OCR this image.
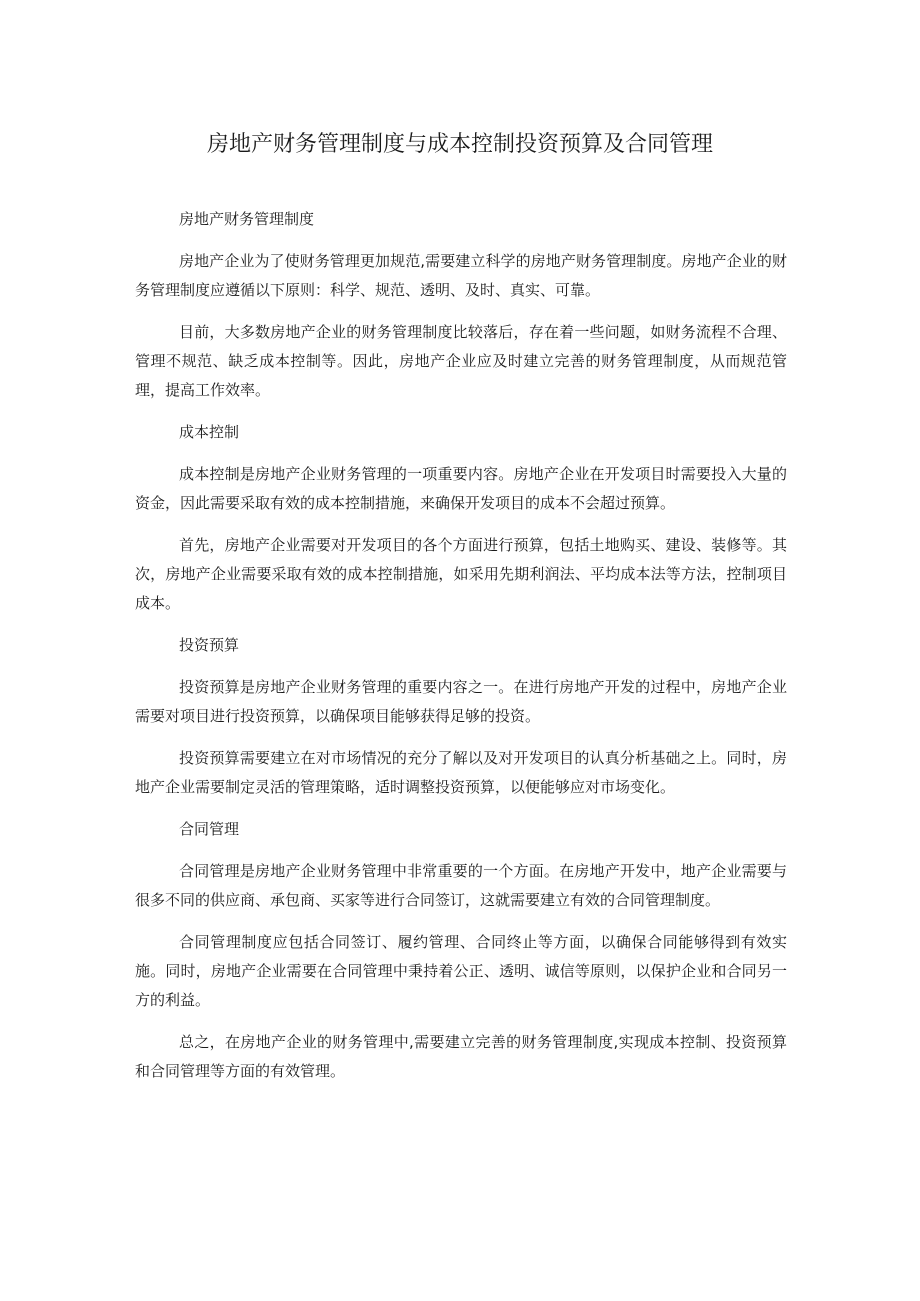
房地产财务管理制度与成本控制投资预算及合同管理
房地产财务管理制度

房地产企业为了使财务管理更加规范,需要建立科学的房地产财务管理制度。房地产企业的财务管理制度应遵循以下原则：科学、规范、透明、及时、真实、可靠。

目前，大多数房地产企业的财务管理制度比较落后，存在着一些问题，如财务流程不合理、管理不规范、缺乏成本控制等。因此，房地产企业应及时建立完善的财务管理制度，从而规范管理，提高工作效率。

成本控制

成本控制是房地产企业财务管理的一项重要内容。房地产企业在开发项目时需要投入大量的资金，因此需要采取有效的成本控制措施，来确保开发项目的成本不会超过预算。

首先，房地产企业需要对开发项目的各个方面进行预算，包括土地购买、建设、装修等。其次，房地产企业需要采取有效的成本控制措施，如采用先期利润法、平均成本法等方法，控制项目成本。

投资预算

投资预算是房地产企业财务管理的重要内容之一。在进行房地产开发的过程中，房地产企业需要对项目进行投资预算，以确保项目能够获得足够的投资。

投资预算需要建立在对市场情况的充分了解以及对开发项目的认真分析基础之上。同时，房地产企业需要制定灵活的管理策略，适时调整投资预算，以便能够应对市场变化。

合同管理

合同管理是房地产企业财务管理中非常重要的一个方面。在房地产开发中，地产企业需要与很多不同的供应商、承包商、买家等进行合同签订，这就需要建立有效的合同管理制度。

合同管理制度应包括合同签订、履约管理、合同终止等方面，以确保合同能够得到有效实施。同时，房地产企业需要在合同管理中秉持着公正、透明、诚信等原则，以保护企业和合同另一方的利益。

总之，在房地产企业的财务管理中,需要建立完善的财务管理制度,实现成本控制、投资预算和合同管理等方面的有效管理。
